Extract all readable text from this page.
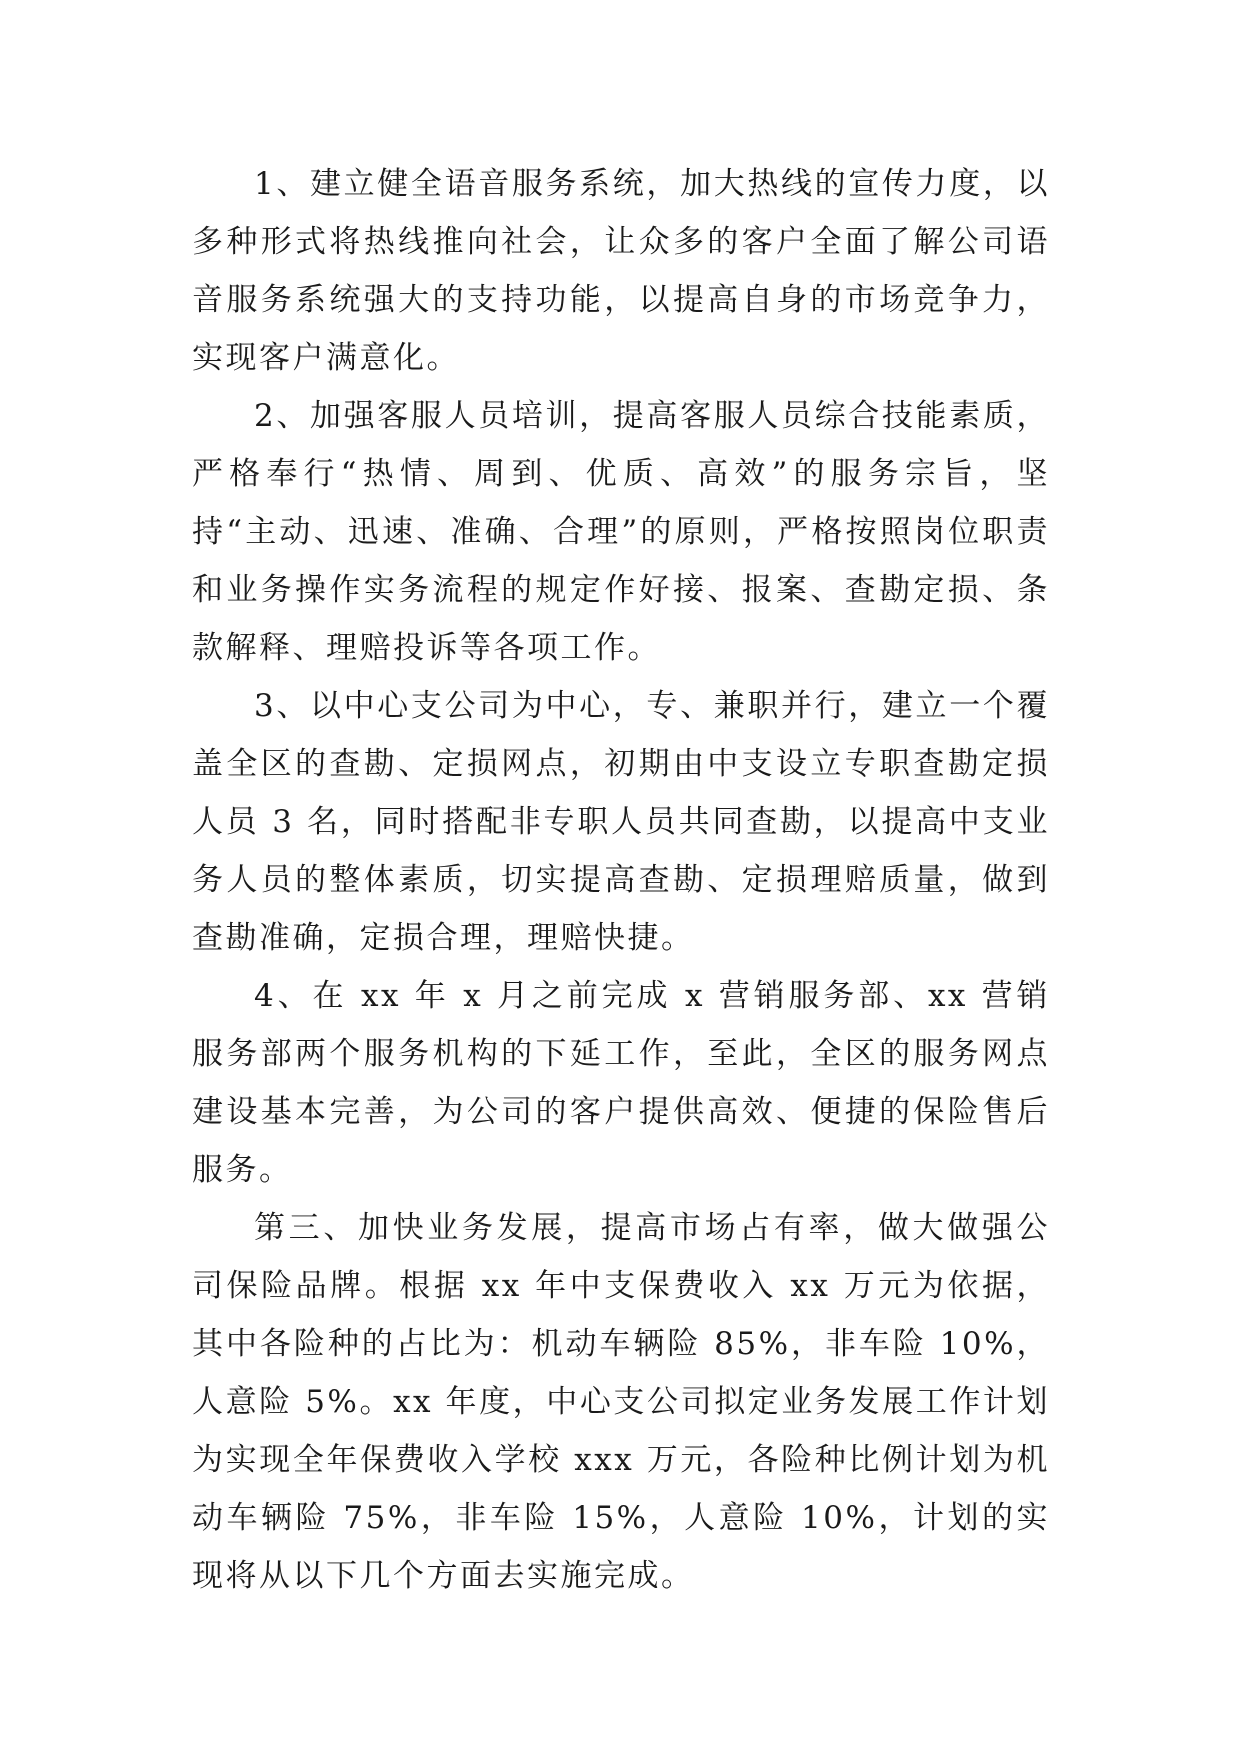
1、建立健全语音服务系统，加大热线的宣传力度，以多种形式将热线推向社会，让众多的客户全面了解公司语音服务系统强大的支持功能，以提高自身的市场竞争力，实现客户满意化。

2、加强客服人员培训，提高客服人员综合技能素质，严格奉行“热情、周到、优质、高效”的服务宗旨，坚持“主动、迅速、准确、合理”的原则，严格按照岗位职责和业务操作实务流程的规定作好接、报案、查勘定损、条款解释、理赔投诉等各项工作。

3、以中心支公司为中心，专、兼职并行，建立一个覆盖全区的查勘、定损网点，初期由中支设立专职查勘定损人员 3 名，同时搭配非专职人员共同查勘，以提高中支业务人员的整体素质，切实提高查勘、定损理赔质量，做到查勘准确，定损合理，理赔快捷。

4、在 xx 年 x 月之前完成 x 营销服务部、xx 营销服务部两个服务机构的下延工作，至此，全区的服务网点建设基本完善，为公司的客户提供高效、便捷的保险售后服务。

第三、加快业务发展，提高市场占有率，做大做强公司保险品牌。根据 xx 年中支保费收入 xx 万元为依据，其中各险种的占比为：机动车辆险 85%，非车险 10%，人意险 5%。xx 年度，中心支公司拟定业务发展工作计划为实现全年保费收入学校 xxx 万元，各险种比例计划为机动车辆险 75%，非车险 15%，人意险 10%，计划的实现将从以下几个方面去实施完成。
